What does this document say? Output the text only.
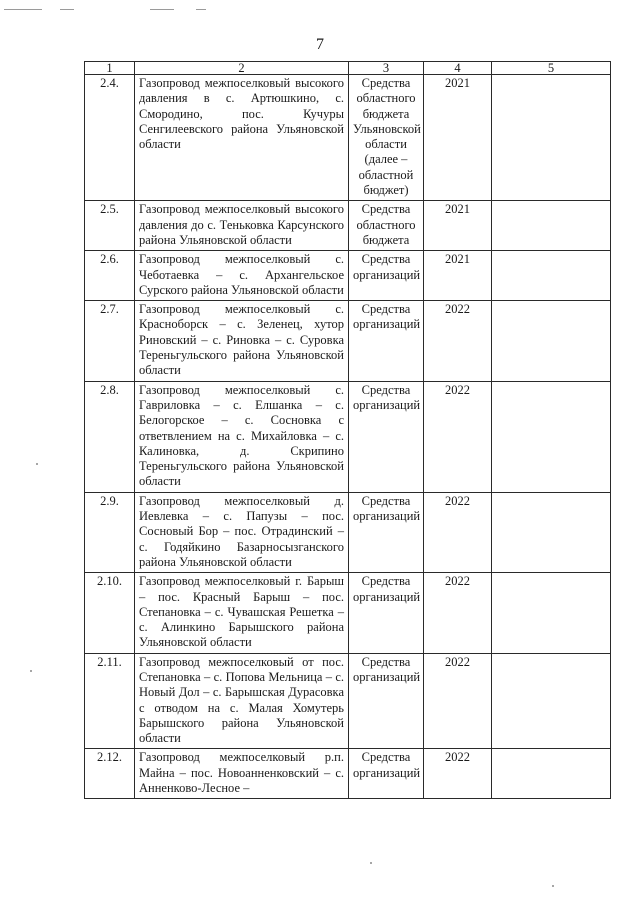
7
1	2	3	4	5
2.4.	Газопровод межпоселковый высокого давления в с. Артюшкино, с. Смородино, пос. Кучуры Сенгилеевского района Ульяновской области	Средства областного бюджета Ульяновской области (далее – областной бюджет)	2021	
2.5.	Газопровод межпоселковый высокого давления до с. Теньковка Карсунского района Ульяновской области	Средства областного бюджета	2021	
2.6.	Газопровод межпоселковый с. Чеботаевка – с. Архангельское Сурского района Ульяновской области	Средства организаций	2021	
2.7.	Газопровод межпоселковый с. Красноборск – с. Зеленец, хутор Риновский – с. Риновка – с. Суровка Тереньгульского района Ульяновской области	Средства организаций	2022	
2.8.	Газопровод межпоселковый с. Гавриловка – с. Елшанка – с. Белогорское – с. Сосновка с ответвлением на с. Михайловка – с. Калиновка, д. Скрипино Тереньгульского района Ульяновской области	Средства организаций	2022	
2.9.	Газопровод межпоселковый д. Иевлевка – с. Папузы – пос. Сосновый Бор – пос. Отрадинский – с. Годяйкино Базарносызганского района Ульяновской области	Средства организаций	2022	
2.10.	Газопровод межпоселковый г. Барыш – пос. Красный Барыш – пос. Степановка – с. Чувашская Решетка – с. Алинкино Барышского района Ульяновской области	Средства организаций	2022	
2.11.	Газопровод межпоселковый от пос. Степановка – с. Попова Мельница – с. Новый Дол – с. Барышская Дурасовка с отводом на с. Малая Хомутерь Барышского района Ульяновской области	Средства организаций	2022	
2.12.	Газопровод межпоселковый р.п. Майна – пос. Новоанненковский – с. Анненково-Лесное –	Средства организаций	2022	
